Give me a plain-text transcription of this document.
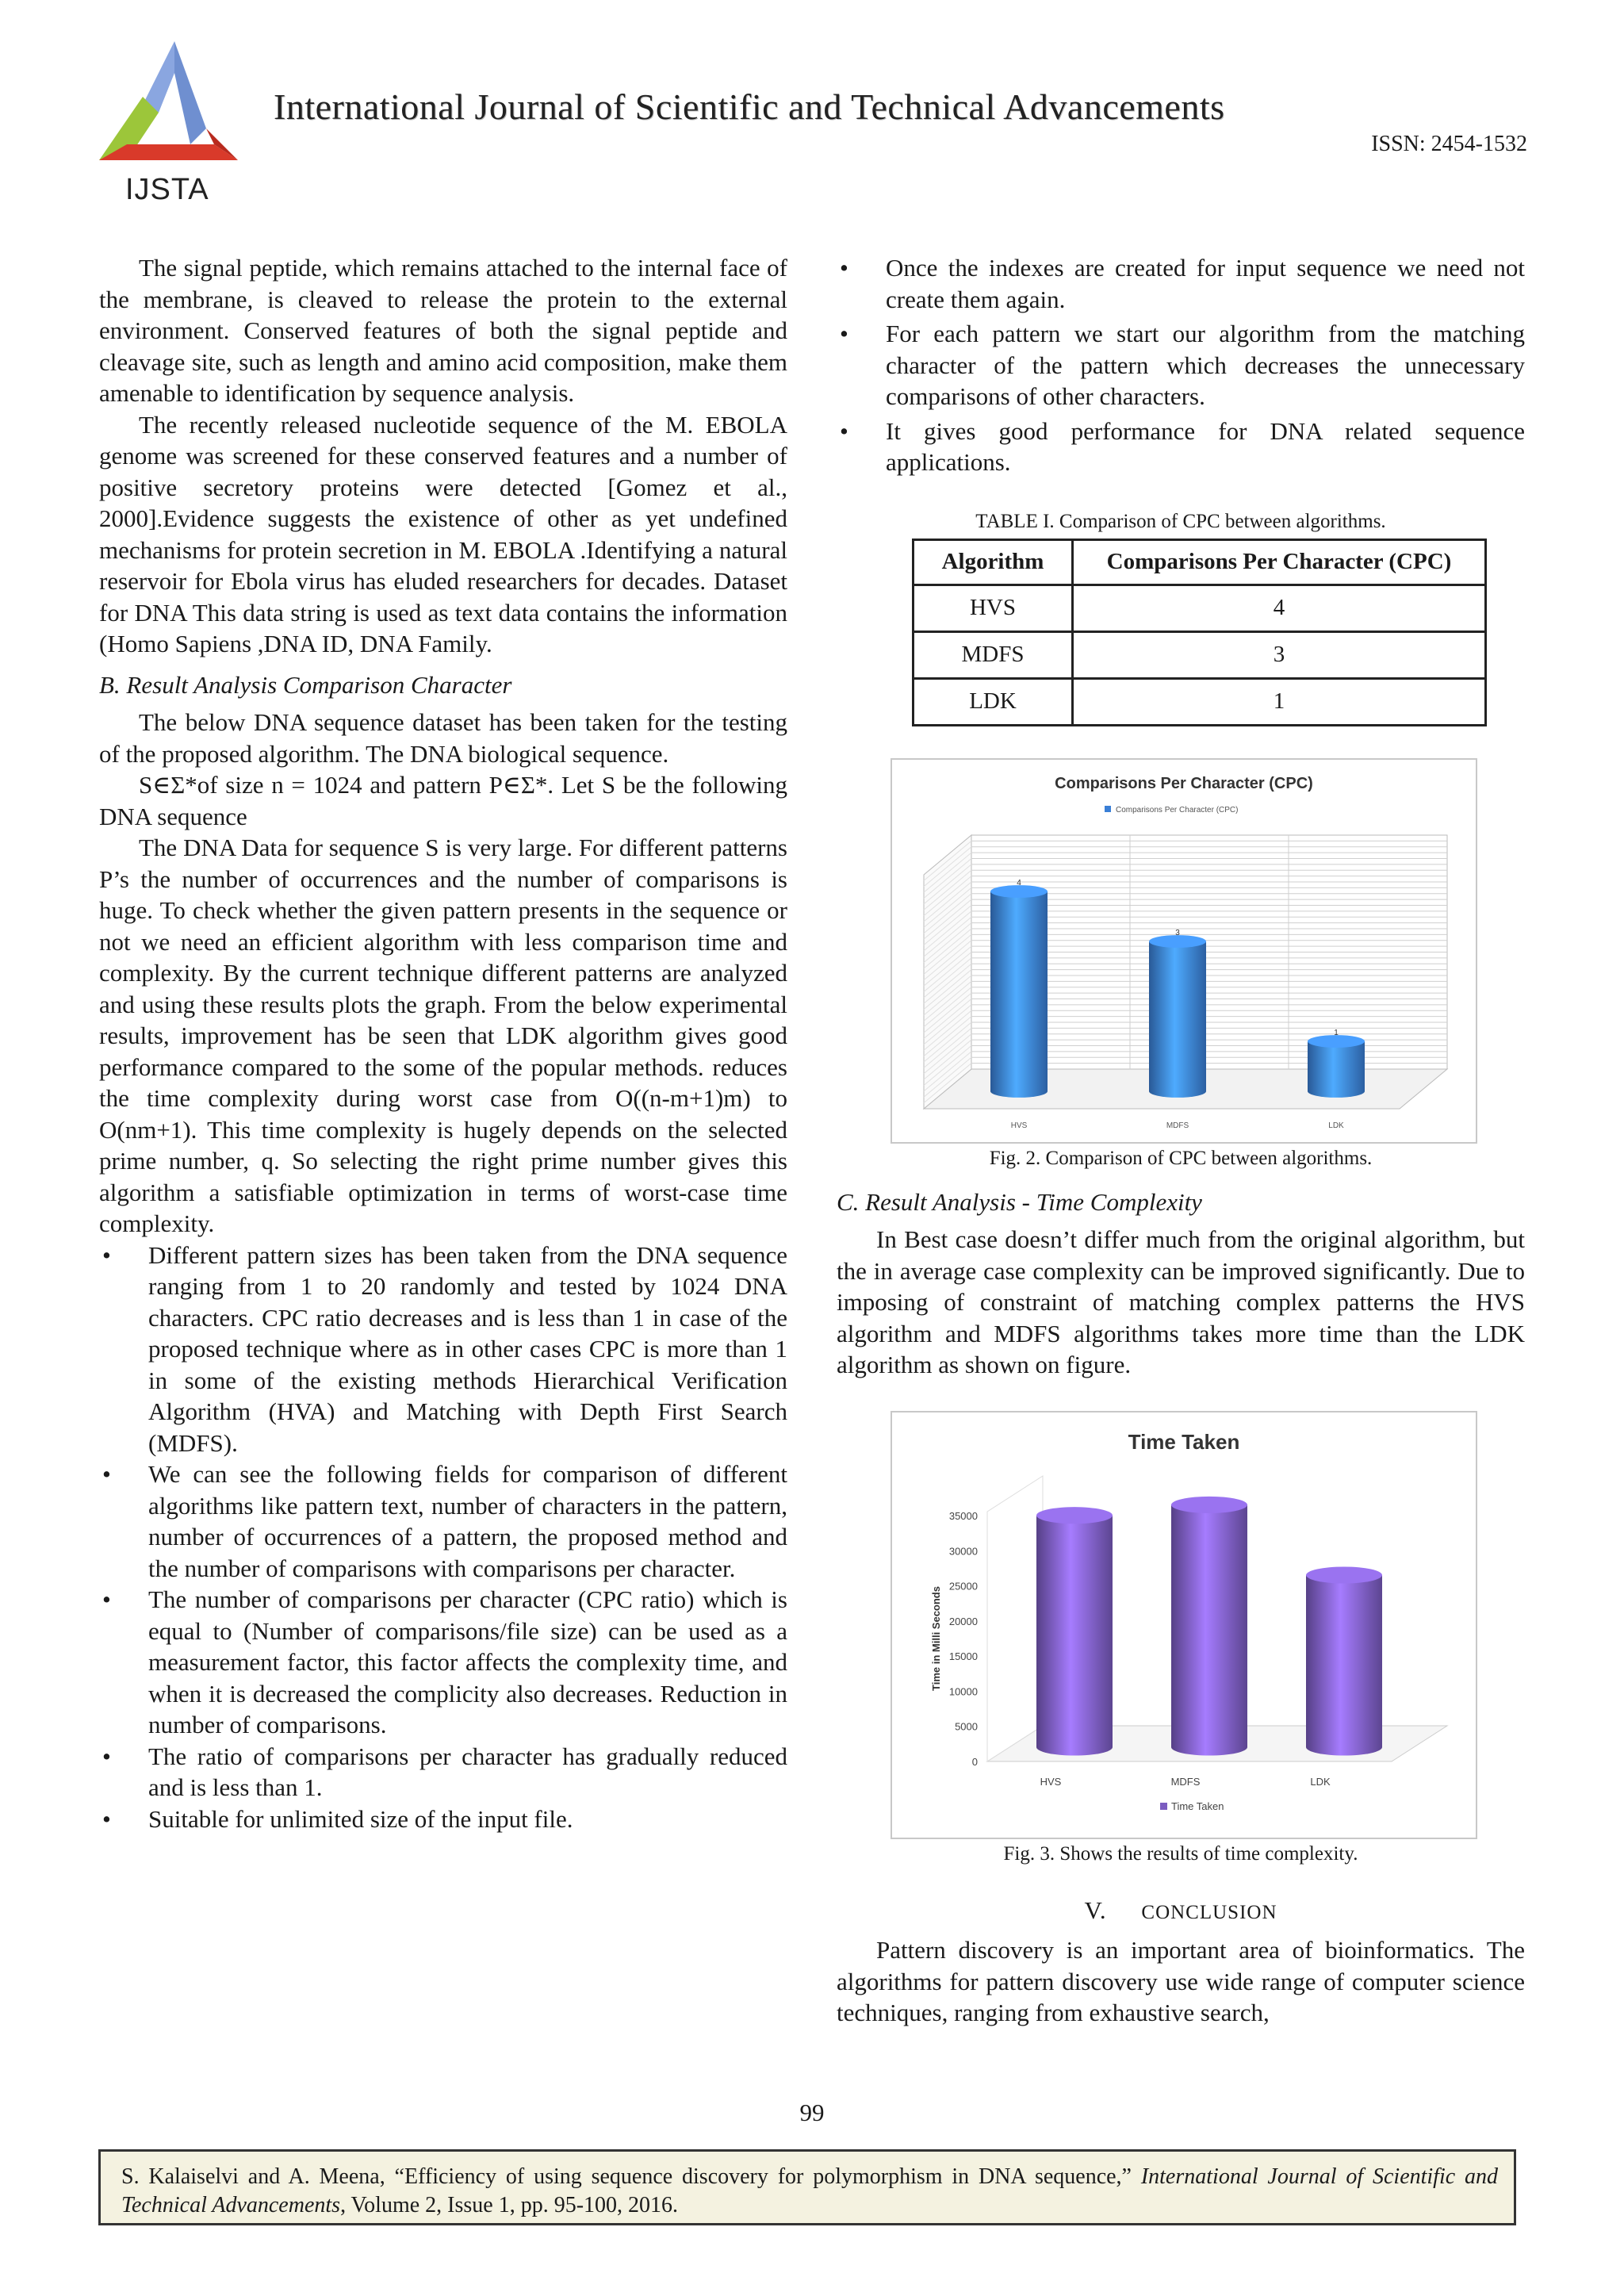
IJSTA
International Journal of Scientific and Technical Advancements
ISSN: 2454-1532

The signal peptide, which remains attached to the internal face of the membrane, is cleaved to release the protein to the external environment. Conserved features of both the signal peptide and cleavage site, such as length and amino acid composition, make them amenable to identification by sequence analysis.

The recently released nucleotide sequence of the M. EBOLA genome was screened for these conserved features and a number of positive secretory proteins were detected [Gomez et al., 2000].Evidence suggests the existence of other as yet undefined mechanisms for protein secretion in M. EBOLA .Identifying a natural reservoir for Ebola virus has eluded researchers for decades. Dataset for DNA This data string is used as text data contains the information (Homo Sapiens ,DNA ID, DNA Family.

B. Result Analysis Comparison Character

The below DNA sequence dataset has been taken for the testing of the proposed algorithm. The DNA biological sequence.

S∈Σ*of size n = 1024 and pattern P∈Σ*. Let S be the following DNA sequence

The DNA Data for sequence S is very large. For different patterns P’s the number of occurrences and the number of comparisons is huge. To check whether the given pattern presents in the sequence or not we need an efficient algorithm with less comparison time and complexity. By the current technique different patterns are analyzed and using these results plots the graph. From the below experimental results, improvement has be seen that LDK algorithm gives good performance compared to the some of the popular methods. reduces the time complexity during worst case from O((n-m+1)m) to O(nm+1). This time complexity is hugely depends on the selected prime number, q. So selecting the right prime number gives this algorithm a satisfiable optimization in terms of worst-case time complexity.

• Different pattern sizes has been taken from the DNA sequence ranging from 1 to 20 randomly and tested by 1024 DNA characters. CPC ratio decreases and is less than 1 in case of the proposed technique where as in other cases CPC is more than 1 in some of the existing methods Hierarchical Verification Algorithm (HVA) and Matching with Depth First Search (MDFS).
• We can see the following fields for comparison of different algorithms like pattern text, number of characters in the pattern, number of occurrences of a pattern, the proposed method and the number of comparisons with comparisons per character.
• The number of comparisons per character (CPC ratio) which is equal to (Number of comparisons/file size) can be used as a measurement factor, this factor affects the complexity time, and when it is decreased the complicity also decreases. Reduction in number of comparisons.
• The ratio of comparisons per character has gradually reduced and is less than 1.
• Suitable for unlimited size of the input file.
• Once the indexes are created for input sequence we need not create them again.
• For each pattern we start our algorithm from the matching character of the pattern which decreases the unnecessary comparisons of other characters.
• It gives good performance for DNA related sequence applications.

TABLE I. Comparison of CPC between algorithms.

Algorithm	Comparisons Per Character (CPC)
HVS	4
MDFS	3
LDK	1
Comparisons Per Character (CPC)
Comparisons Per Character (CPC)
4
HVS
3
MDFS
1
LDK

Fig. 2. Comparison of CPC between algorithms.

C. Result Analysis - Time Complexity

In Best case doesn’t differ much from the original algorithm, but the in average case complexity can be improved significantly. Due to imposing of constraint of matching complex patterns the HVS algorithm and MDFS algorithms takes more time than the LDK algorithm as shown on figure.

Time Taken
0
5000
10000
15000
20000
25000
30000
35000
Time in Milli Seconds
HVS	MDFS	LDK
Time Taken

Fig. 3. Shows the results of time complexity.

V. CONCLUSION

Pattern discovery is an important area of bioinformatics. The algorithms for pattern discovery use wide range of computer science techniques, ranging from exhaustive search,

99
S. Kalaiselvi and A. Meena, “Efficiency of using sequence discovery for polymorphism in DNA sequence,” International Journal of Scientific and Technical Advancements, Volume 2, Issue 1, pp. 95-100, 2016.
